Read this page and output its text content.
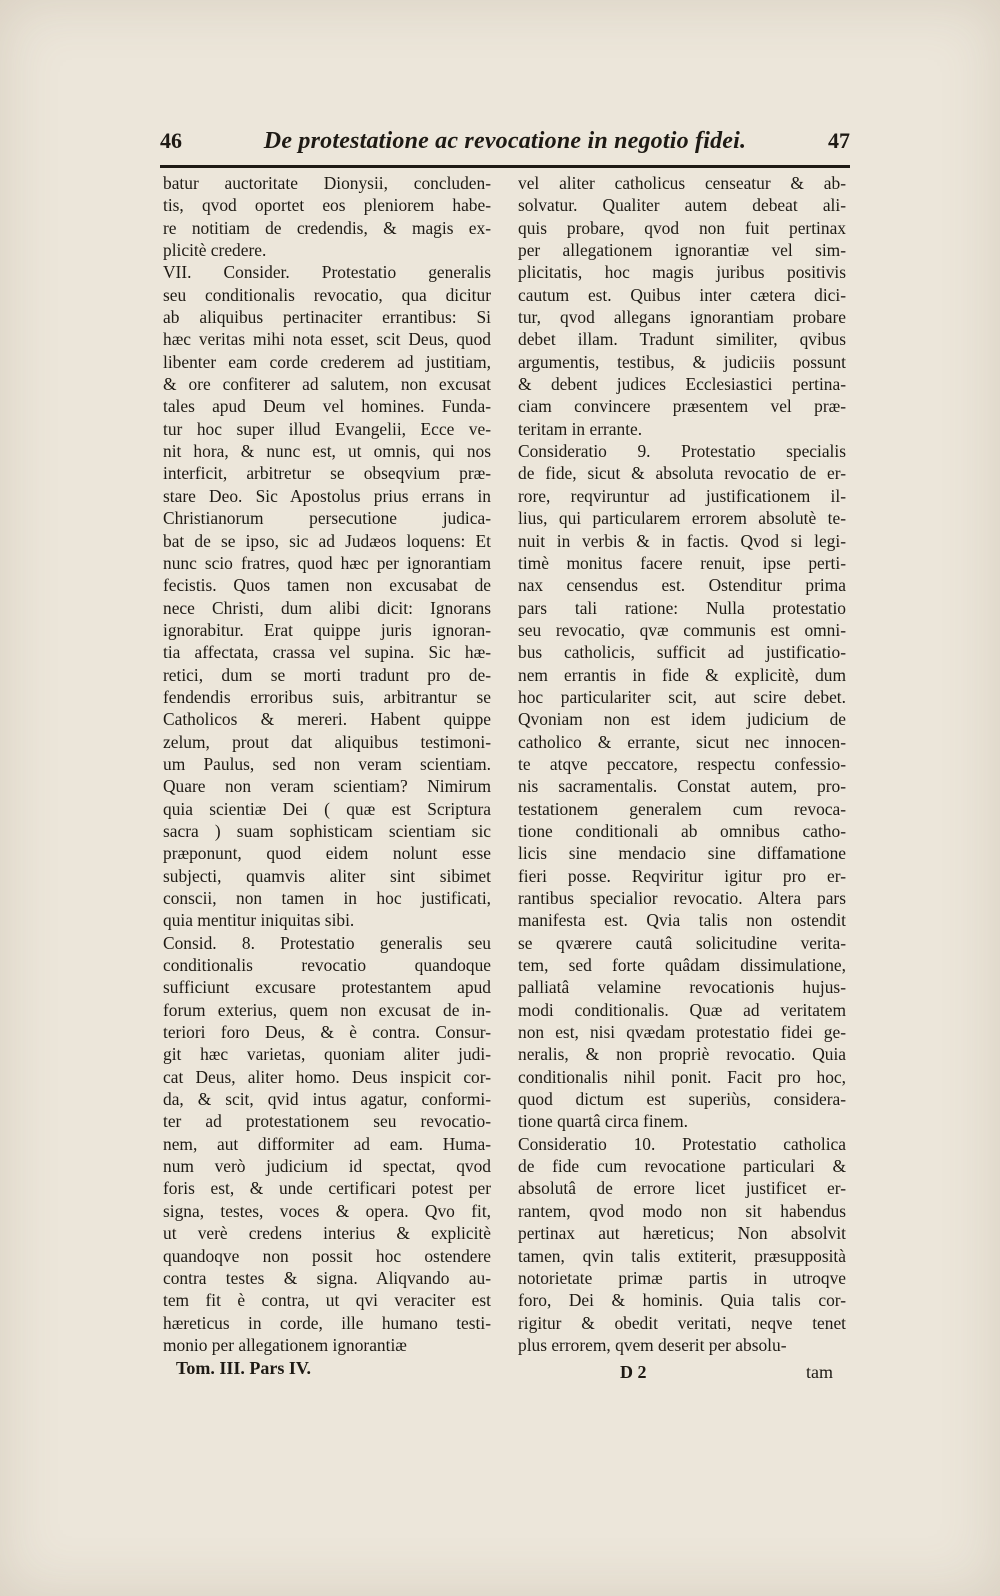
46	De protestatione ac revocatione in negotio fidei.	47
batur auctoritate Dionysii, concluden-
tis, qvod oportet eos pleniorem habe-
re notitiam de credendis, & magis ex-
plicitè credere.
VII. Consider. Protestatio generalis
seu conditionalis revocatio, qua dicitur
ab aliquibus pertinaciter errantibus: Si
hæc veritas mihi nota esset, scit Deus, quod
libenter eam corde crederem ad justitiam,
& ore confiterer ad salutem, non excusat
tales apud Deum vel homines. Funda-
tur hoc super illud Evangelii, Ecce ve-
nit hora, & nunc est, ut omnis, qui nos
interficit, arbitretur se obseqvium præ-
stare Deo. Sic Apostolus prius errans in
Christianorum persecutione judica-
bat de se ipso, sic ad Judæos loquens: Et
nunc scio fratres, quod hæc per ignorantiam
fecistis. Quos tamen non excusabat de
nece Christi, dum alibi dicit: Ignorans
ignorabitur. Erat quippe juris ignoran-
tia affectata, crassa vel supina. Sic hæ-
retici, dum se morti tradunt pro de-
fendendis erroribus suis, arbitrantur se
Catholicos & mereri. Habent quippe
zelum, prout dat aliquibus testimoni-
um Paulus, sed non veram scientiam.
Quare non veram scientiam? Nimirum
quia scientiæ Dei ( quæ est Scriptura
sacra ) suam sophisticam scientiam sic
præponunt, quod eidem nolunt esse
subjecti, quamvis aliter sint sibimet
conscii, non tamen in hoc justificati,
quia mentitur iniquitas sibi.
Consid. 8. Protestatio generalis seu
conditionalis revocatio quandoque
sufficiunt excusare protestantem apud
forum exterius, quem non excusat de in-
teriori foro Deus, & è contra. Consur-
git hæc varietas, quoniam aliter judi-
cat Deus, aliter homo. Deus inspicit cor-
da, & scit, qvid intus agatur, conformi-
ter ad protestationem seu revocatio-
nem, aut difformiter ad eam. Huma-
num verò judicium id spectat, qvod
foris est, & unde certificari potest per
signa, testes, voces & opera. Qvo fit,
ut verè credens interius & explicitè
quandoqve non possit hoc ostendere
contra testes & signa. Aliqvando au-
tem fit è contra, ut qvi veraciter est
hæreticus in corde, ille humano testi-
monio per allegationem ignorantiæ
vel aliter catholicus censeatur & ab-
solvatur. Qualiter autem debeat ali-
quis probare, qvod non fuit pertinax
per allegationem ignorantiæ vel sim-
plicitatis, hoc magis juribus positivis
cautum est. Quibus inter cætera dici-
tur, qvod allegans ignorantiam probare
debet illam. Tradunt similiter, qvibus
argumentis, testibus, & judiciis possunt
& debent judices Ecclesiastici pertina-
ciam convincere præsentem vel præ-
teritam in errante.
Consideratio 9. Protestatio specialis
de fide, sicut & absoluta revocatio de er-
rore, reqviruntur ad justificationem il-
lius, qui particularem errorem absolutè te-
nuit in verbis & in factis. Qvod si legi-
timè monitus facere renuit, ipse perti-
nax censendus est. Ostenditur prima
pars tali ratione: Nulla protestatio
seu revocatio, qvæ communis est omni-
bus catholicis, sufficit ad justificatio-
nem errantis in fide & explicitè, dum
hoc particulariter scit, aut scire debet.
Qvoniam non est idem judicium de
catholico & errante, sicut nec innocen-
te atqve peccatore, respectu confessio-
nis sacramentalis. Constat autem, pro-
testationem generalem cum revoca-
tione conditionali ab omnibus catho-
licis sine mendacio sine diffamatione
fieri posse. Reqviritur igitur pro er-
rantibus specialior revocatio. Altera pars
manifesta est. Qvia talis non ostendit
se qværere cautâ solicitudine verita-
tem, sed forte quâdam dissimulatione,
palliatâ velamine revocationis hujus-
modi conditionalis. Quæ ad veritatem
non est, nisi qvædam protestatio fidei ge-
neralis, & non propriè revocatio. Quia
conditionalis nihil ponit. Facit pro hoc,
quod dictum est superiùs, considera-
tione quartâ circa finem.
Consideratio 10. Protestatio catholica
de fide cum revocatione particulari &
absolutâ de errore licet justificet er-
rantem, qvod modo non sit habendus
pertinax aut hæreticus; Non absolvit
tamen, qvin talis extiterit, præsupposità
notorietate primæ partis in utroqve
foro, Dei & hominis. Quia talis cor-
rigitur & obedit veritati, neqve tenet
plus errorem, qvem deserit per absolu-
Tom. III. Pars IV.	D 2	tam
